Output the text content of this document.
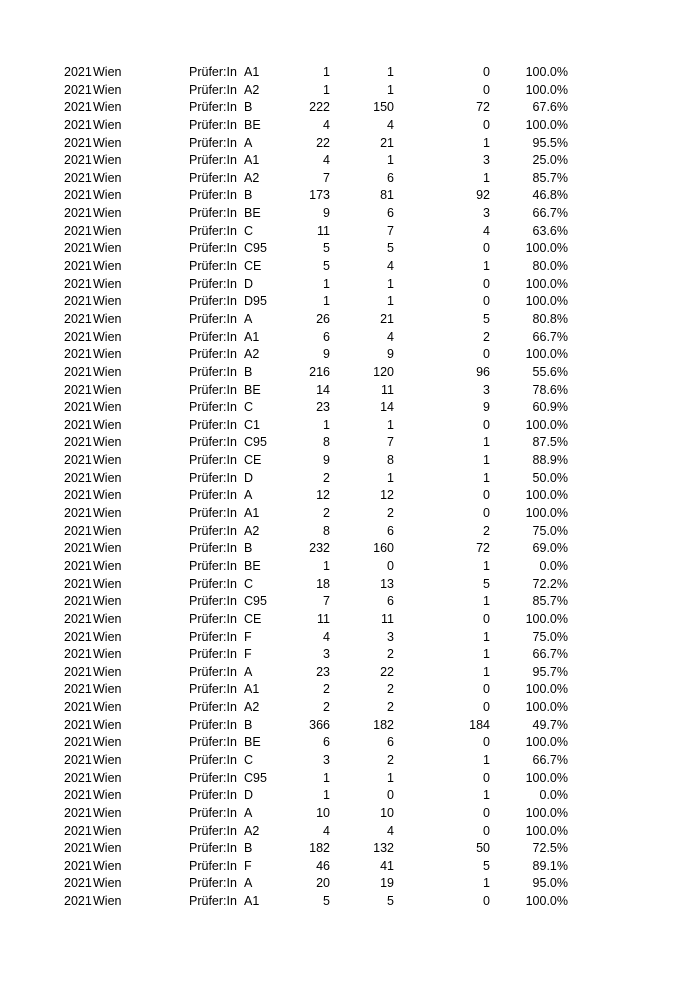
2021 Wien	Prüfer:In A1	1	1	0	100.0%
2021 Wien	Prüfer:In A2	1	1	0	100.0%
2021 Wien	Prüfer:In B	222	150	72	67.6%
2021 Wien	Prüfer:In BE	4	4	0	100.0%
2021 Wien	Prüfer:In A	22	21	1	95.5%
2021 Wien	Prüfer:In A1	4	1	3	25.0%
2021 Wien	Prüfer:In A2	7	6	1	85.7%
2021 Wien	Prüfer:In B	173	81	92	46.8%
2021 Wien	Prüfer:In BE	9	6	3	66.7%
2021 Wien	Prüfer:In C	11	7	4	63.6%
2021 Wien	Prüfer:In C95	5	5	0	100.0%
2021 Wien	Prüfer:In CE	5	4	1	80.0%
2021 Wien	Prüfer:In D	1	1	0	100.0%
2021 Wien	Prüfer:In D95	1	1	0	100.0%
2021 Wien	Prüfer:In A	26	21	5	80.8%
2021 Wien	Prüfer:In A1	6	4	2	66.7%
2021 Wien	Prüfer:In A2	9	9	0	100.0%
2021 Wien	Prüfer:In B	216	120	96	55.6%
2021 Wien	Prüfer:In BE	14	11	3	78.6%
2021 Wien	Prüfer:In C	23	14	9	60.9%
2021 Wien	Prüfer:In C1	1	1	0	100.0%
2021 Wien	Prüfer:In C95	8	7	1	87.5%
2021 Wien	Prüfer:In CE	9	8	1	88.9%
2021 Wien	Prüfer:In D	2	1	1	50.0%
2021 Wien	Prüfer:In A	12	12	0	100.0%
2021 Wien	Prüfer:In A1	2	2	0	100.0%
2021 Wien	Prüfer:In A2	8	6	2	75.0%
2021 Wien	Prüfer:In B	232	160	72	69.0%
2021 Wien	Prüfer:In BE	1	0	1	0.0%
2021 Wien	Prüfer:In C	18	13	5	72.2%
2021 Wien	Prüfer:In C95	7	6	1	85.7%
2021 Wien	Prüfer:In CE	11	11	0	100.0%
2021 Wien	Prüfer:In F	4	3	1	75.0%
2021 Wien	Prüfer:In F	3	2	1	66.7%
2021 Wien	Prüfer:In A	23	22	1	95.7%
2021 Wien	Prüfer:In A1	2	2	0	100.0%
2021 Wien	Prüfer:In A2	2	2	0	100.0%
2021 Wien	Prüfer:In B	366	182	184	49.7%
2021 Wien	Prüfer:In BE	6	6	0	100.0%
2021 Wien	Prüfer:In C	3	2	1	66.7%
2021 Wien	Prüfer:In C95	1	1	0	100.0%
2021 Wien	Prüfer:In D	1	0	1	0.0%
2021 Wien	Prüfer:In A	10	10	0	100.0%
2021 Wien	Prüfer:In A2	4	4	0	100.0%
2021 Wien	Prüfer:In B	182	132	50	72.5%
2021 Wien	Prüfer:In F	46	41	5	89.1%
2021 Wien	Prüfer:In A	20	19	1	95.0%
2021 Wien	Prüfer:In A1	5	5	0	100.0%
